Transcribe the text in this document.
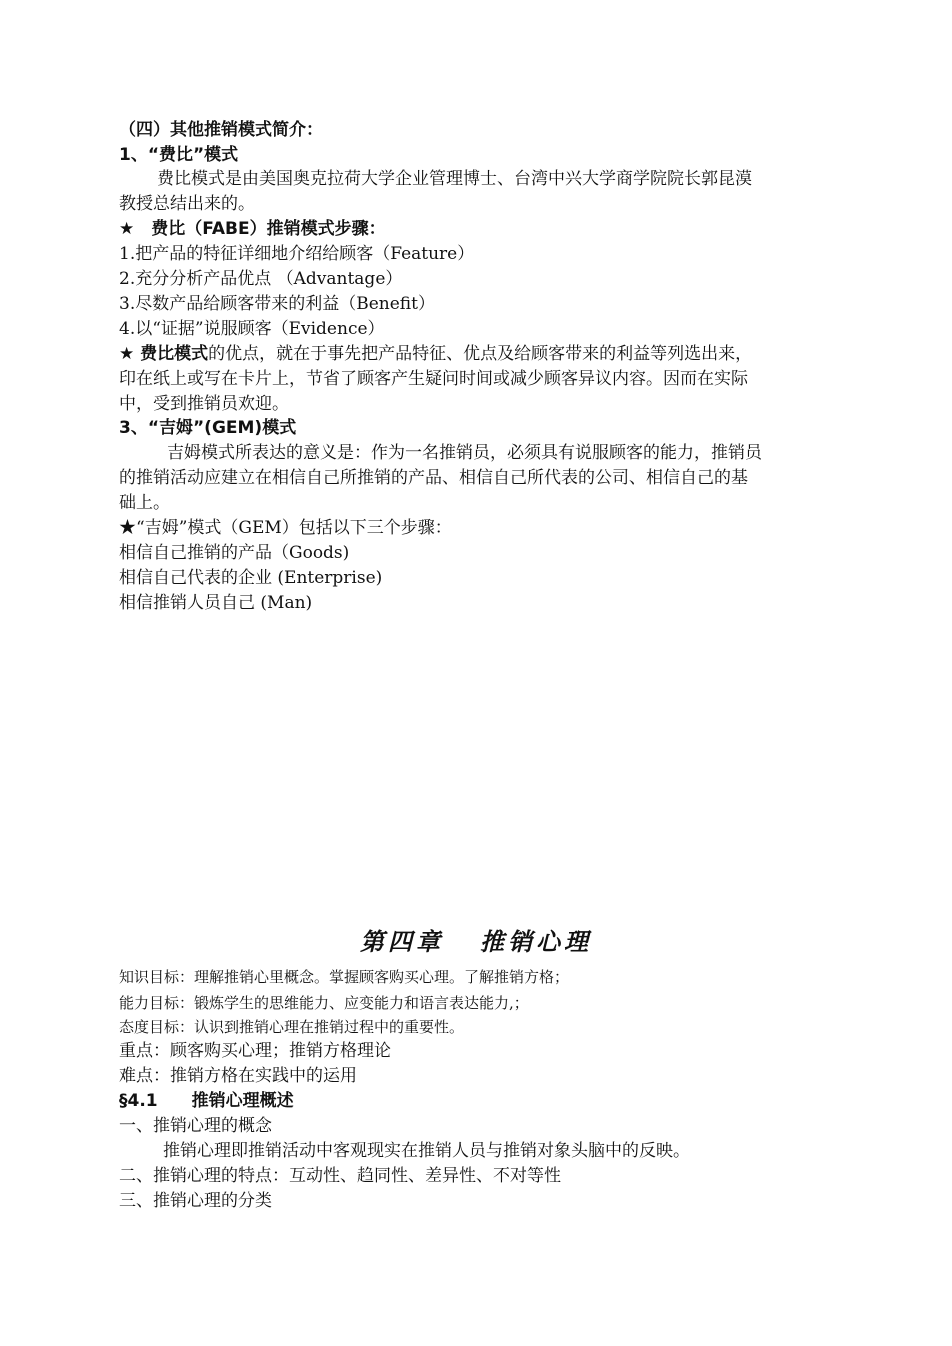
（四）其他推销模式简介：
1、“费比”模式
费比模式是由美国奥克拉荷大学企业管理博士、台湾中兴大学商学院院长郭昆漠
教授总结出来的。
★　费比（FABE）推销模式步骤：
1.把产品的特征详细地介绍给顾客（Feature）
2.充分分析产品优点 （Advantage）
3.尽数产品给顾客带来的利益（Benefit）
4.以“证据”说服顾客（Evidence）
★ 费比模式的优点，就在于事先把产品特征、优点及给顾客带来的利益等列选出来，
印在纸上或写在卡片上，节省了顾客产生疑问时间或减少顾客异议内容。因而在实际
中，受到推销员欢迎。
3、“吉姆”(GEM)模式
吉姆模式所表达的意义是：作为一名推销员，必须具有说服顾客的能力，推销员
的推销活动应建立在相信自己所推销的产品、相信自己所代表的公司、相信自己的基
础上。
★“吉姆”模式（GEM）包括以下三个步骤：
相信自己推销的产品（Goods)
相信自己代表的企业 (Enterprise)
相信推销人员自己 (Man)
第四章 推销心理
知识目标：理解推销心里概念。掌握顾客购买心理。了解推销方格；
能力目标：锻炼学生的思维能力、应变能力和语言表达能力,；
态度目标：认识到推销心理在推销过程中的重要性。
重点：顾客购买心理；推销方格理论
难点：推销方格在实践中的运用
§4.1　　推销心理概述
一、推销心理的概念
推销心理即推销活动中客观现实在推销人员与推销对象头脑中的反映。
二、推销心理的特点：互动性、趋同性、差异性、不对等性
三、推销心理的分类
